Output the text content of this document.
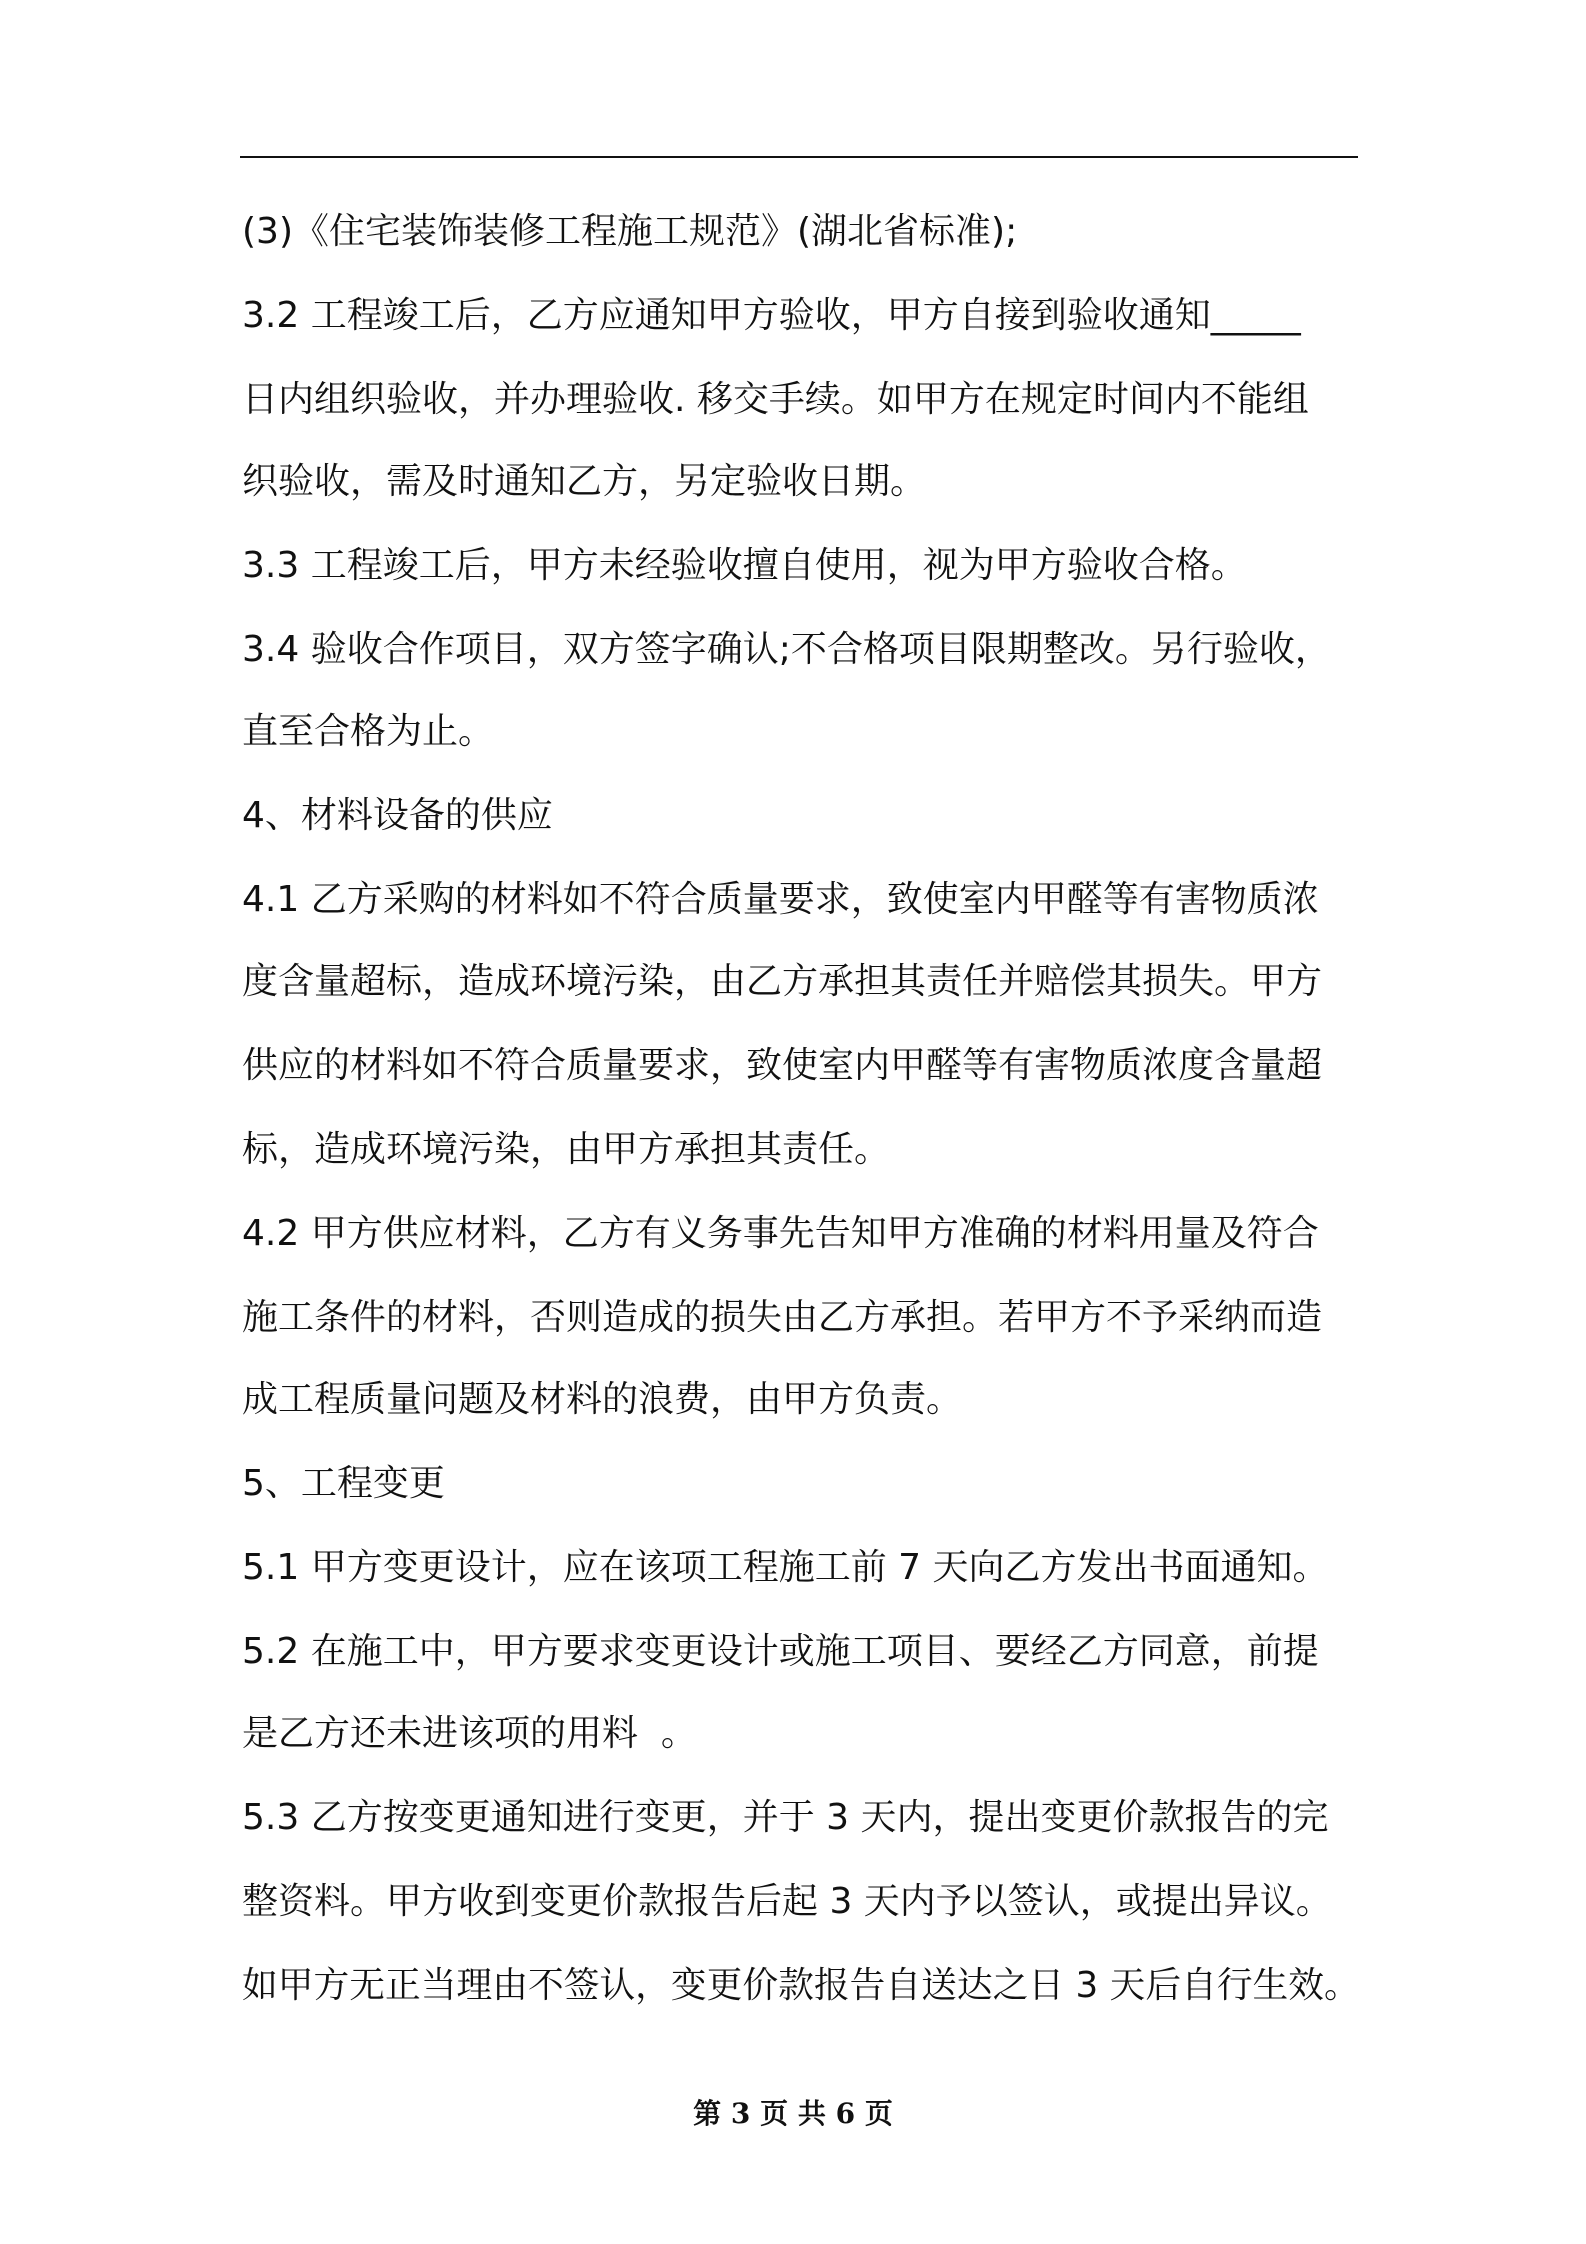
(3)《住宅装饰装修工程施工规范》(湖北省标准);
3.2 工程竣工后，乙方应通知甲方验收，甲方自接到验收通知_____
日内组织验收，并办理验收. 移交手续。如甲方在规定时间内不能组
织验收，需及时通知乙方，另定验收日期。
3.3 工程竣工后，甲方未经验收擅自使用，视为甲方验收合格。
3.4 验收合作项目，双方签字确认;不合格项目限期整改。另行验收，
直至合格为止。
4、材料设备的供应
4.1 乙方采购的材料如不符合质量要求，致使室内甲醛等有害物质浓
度含量超标，造成环境污染，由乙方承担其责任并赔偿其损失。甲方
供应的材料如不符合质量要求，致使室内甲醛等有害物质浓度含量超
标，造成环境污染，由甲方承担其责任。
4.2 甲方供应材料，乙方有义务事先告知甲方准确的材料用量及符合
施工条件的材料，否则造成的损失由乙方承担。若甲方不予采纳而造
成工程质量问题及材料的浪费，由甲方负责。
5、工程变更
5.1 甲方变更设计，应在该项工程施工前 7 天向乙方发出书面通知。
5.2 在施工中，甲方要求变更设计或施工项目、要经乙方同意，前提
是乙方还未进该项的用料  。
5.3 乙方按变更通知进行变更，并于 3 天内，提出变更价款报告的完
整资料。甲方收到变更价款报告后起 3 天内予以签认，或提出异议。
如甲方无正当理由不签认，变更价款报告自送达之日 3 天后自行生效。
第 3 页 共 6 页
